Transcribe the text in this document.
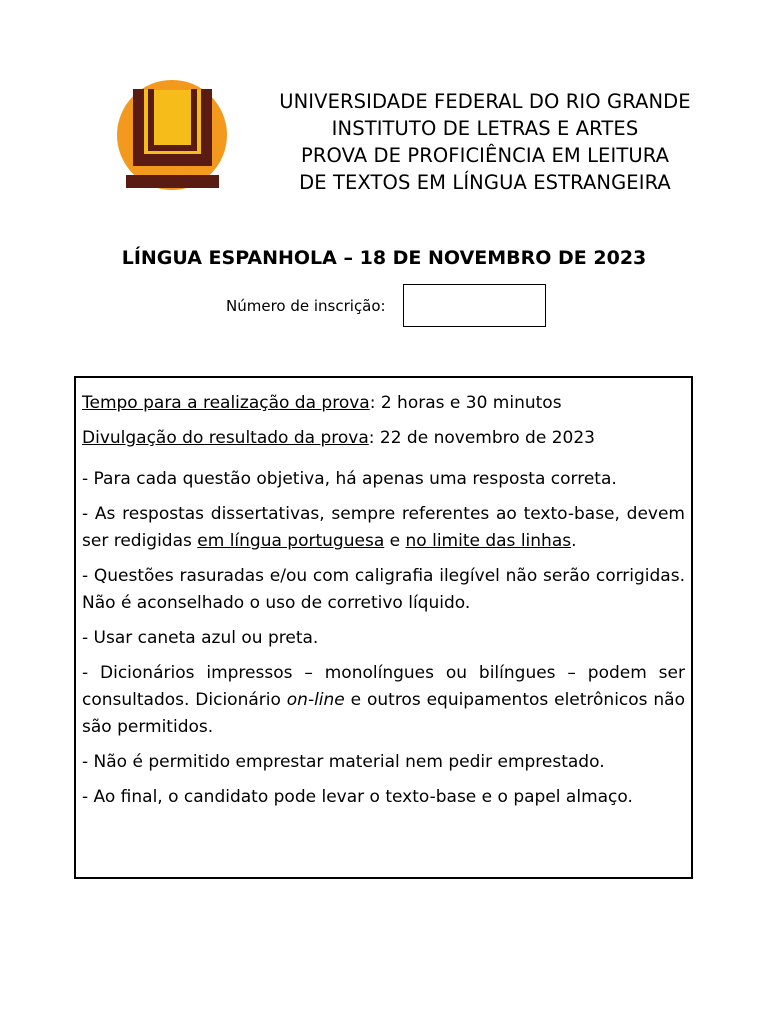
UNIVERSIDADE FEDERAL DO RIO GRANDE
INSTITUTO DE LETRAS E ARTES
PROVA DE PROFICIÊNCIA EM LEITURA
DE TEXTOS EM LÍNGUA ESTRANGEIRA
LÍNGUA ESPANHOLA – 18 DE NOVEMBRO DE 2023
Número de inscrição:

Tempo para a realização da prova: 2 horas e 30 minutos

Divulgação do resultado da prova: 22 de novembro de 2023

- Para cada questão objetiva, há apenas uma resposta correta.

- As respostas dissertativas, sempre referentes ao texto-base, devem ser redigidas em língua portuguesa e no limite das linhas.

- Questões rasuradas e/ou com caligrafia ilegível não serão corrigidas. Não é aconselhado o uso de corretivo líquido.

- Usar caneta azul ou preta.

- Dicionários impressos – monolíngues ou bilíngues – podem ser consultados. Dicionário on-line e outros equipamentos eletrônicos não são permitidos.

- Não é permitido emprestar material nem pedir emprestado.

- Ao final, o candidato pode levar o texto-base e o papel almaço.
